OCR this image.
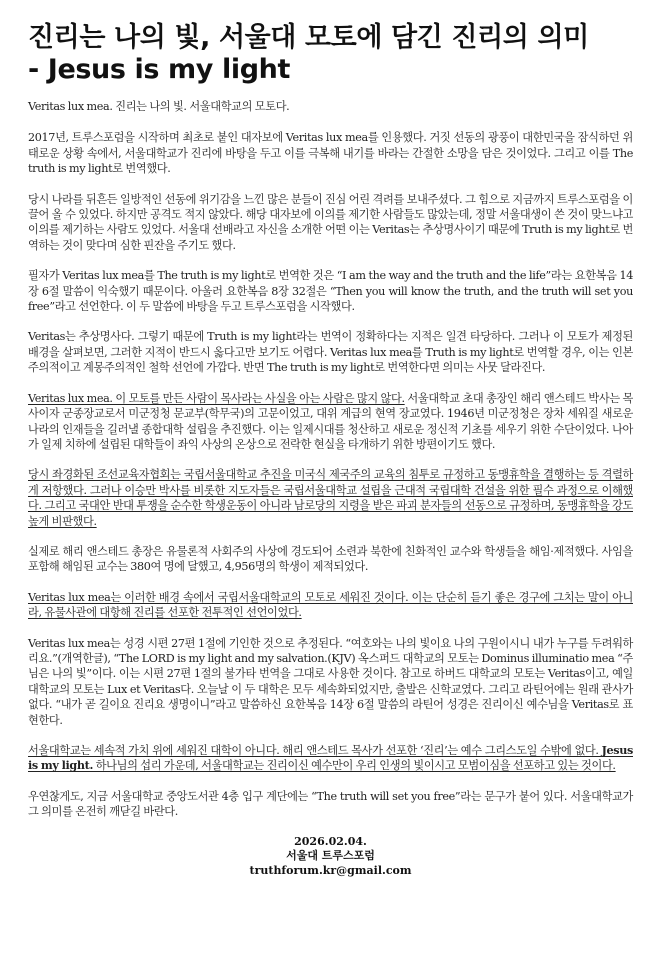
진리는 나의 빛, 서울대 모토에 담긴 진리의 의미
- Jesus is my light

Veritas lux mea. 진리는 나의 빛. 서울대학교의 모토다.

2017년, 트루스포럼을 시작하며 최초로 붙인 대자보에 Veritas lux mea를 인용했다. 거짓 선동의 광풍이 대한민국을 잠식하던 위태로운 상황 속에서, 서울대학교가 진리에 바탕을 두고 이를 극복해 내기를 바라는 간절한 소망을 담은 것이었다. 그리고 이를 The truth is my light로 번역했다.

당시 나라를 뒤흔든 일방적인 선동에 위기감을 느낀 많은 분들이 진심 어린 격려를 보내주셨다. 그 힘으로 지금까지 트루스포럼을 이끌어 올 수 있었다. 하지만 공격도 적지 않았다. 해당 대자보에 이의를 제기한 사람들도 많았는데, 정말 서울대생이 쓴 것이 맞느냐고 이의를 제기하는 사람도 있었다. 서울대 선배라고 자신을 소개한 어떤 이는 Veritas는 추상명사이기 때문에 Truth is my light로 번역하는 것이 맞다며 심한 핀잔을 주기도 했다.

필자가 Veritas lux mea를 The truth is my light로 번역한 것은 “I am the way and the truth and the life”라는 요한복음 14장 6절 말씀이 익숙했기 때문이다. 아울러 요한복음 8장 32절은 “Then you will know the truth, and the truth will set you free”라고 선언한다. 이 두 말씀에 바탕을 두고 트루스포럼을 시작했다.

Veritas는 추상명사다. 그렇기 때문에 Truth is my light라는 번역이 정확하다는 지적은 일견 타당하다. 그러나 이 모토가 제정된 배경을 살펴보면, 그러한 지적이 반드시 옳다고만 보기도 어렵다. Veritas lux mea를 Truth is my light로 번역할 경우, 이는 인본주의적이고 계몽주의적인 철학 선언에 가깝다. 반면 The truth is my light로 번역한다면 의미는 사뭇 달라진다.

Veritas lux mea. 이 모토를 만든 사람이 목사라는 사실을 아는 사람은 많지 않다. 서울대학교 초대 총장인 해리 앤스테드 박사는 목사이자 군종장교로서 미군정청 문교부(학무국)의 고문이었고, 대위 계급의 현역 장교였다. 1946년 미군정청은 장차 세워질 새로운 나라의 인재들을 길러낼 종합대학 설립을 추진했다. 이는 일제시대를 청산하고 새로운 정신적 기초를 세우기 위한 수단이었다. 나아가 일제 치하에 설립된 대학들이 좌익 사상의 온상으로 전락한 현실을 타개하기 위한 방편이기도 했다.

당시 좌경화된 조선교육자협회는 국립서울대학교 추진을 미국식 제국주의 교육의 침투로 규정하고 동맹휴학을 결행하는 등 격렬하게 저항했다. 그러나 이승만 박사를 비롯한 지도자들은 국립서울대학교 설립을 근대적 국립대학 건설을 위한 필수 과정으로 이해했다. 그리고 국대안 반대 투쟁을 순수한 학생운동이 아니라 남로당의 지령을 받은 파괴 분자들의 선동으로 규정하며, 동맹휴학을 강도 높게 비판했다.

실제로 해리 앤스테드 총장은 유물론적 사회주의 사상에 경도되어 소련과 북한에 친화적인 교수와 학생들을 해임·제적했다. 사임을 포함해 해임된 교수는 380여 명에 달했고, 4,956명의 학생이 제적되었다.

Veritas lux mea는 이러한 배경 속에서 국립서울대학교의 모토로 세워진 것이다. 이는 단순히 듣기 좋은 경구에 그치는 말이 아니라, 유물사관에 대항해 진리를 선포한 전투적인 선언이었다.

Veritas lux mea는 성경 시편 27편 1절에 기인한 것으로 추정된다. “여호와는 나의 빛이요 나의 구원이시니 내가 누구를 두려워하리요.”(개역한글), “The LORD is my light and my salvation.(KJV) 옥스퍼드 대학교의 모토는 Dominus illuminatio mea “주님은 나의 빛”이다. 이는 시편 27편 1절의 불가타 번역을 그대로 사용한 것이다. 참고로 하버드 대학교의 모토는 Veritas이고, 예일 대학교의 모토는 Lux et Veritas다. 오늘날 이 두 대학은 모두 세속화되었지만, 출발은 신학교였다. 그리고 라틴어에는 원래 관사가 없다. “내가 곧 길이요 진리요 생명이니”라고 말씀하신 요한복음 14장 6절 말씀의 라틴어 성경은 진리이신 예수님을 Veritas로 표현한다.

서울대학교는 세속적 가치 위에 세워진 대학이 아니다. 해리 앤스테드 목사가 선포한 ‘진리’는 예수 그리스도일 수밖에 없다. Jesus is my light. 하나님의 섭리 가운데, 서울대학교는 진리이신 예수만이 우리 인생의 빛이시고 모범이심을 선포하고 있는 것이다.

우연찮게도, 지금 서울대학교 중앙도서관 4층 입구 계단에는 “The truth will set you free”라는 문구가 붙어 있다. 서울대학교가 그 의미를 온전히 깨닫길 바란다.

2026.02.04.
서울대 트루스포럼
truthforum.kr@gmail.com
